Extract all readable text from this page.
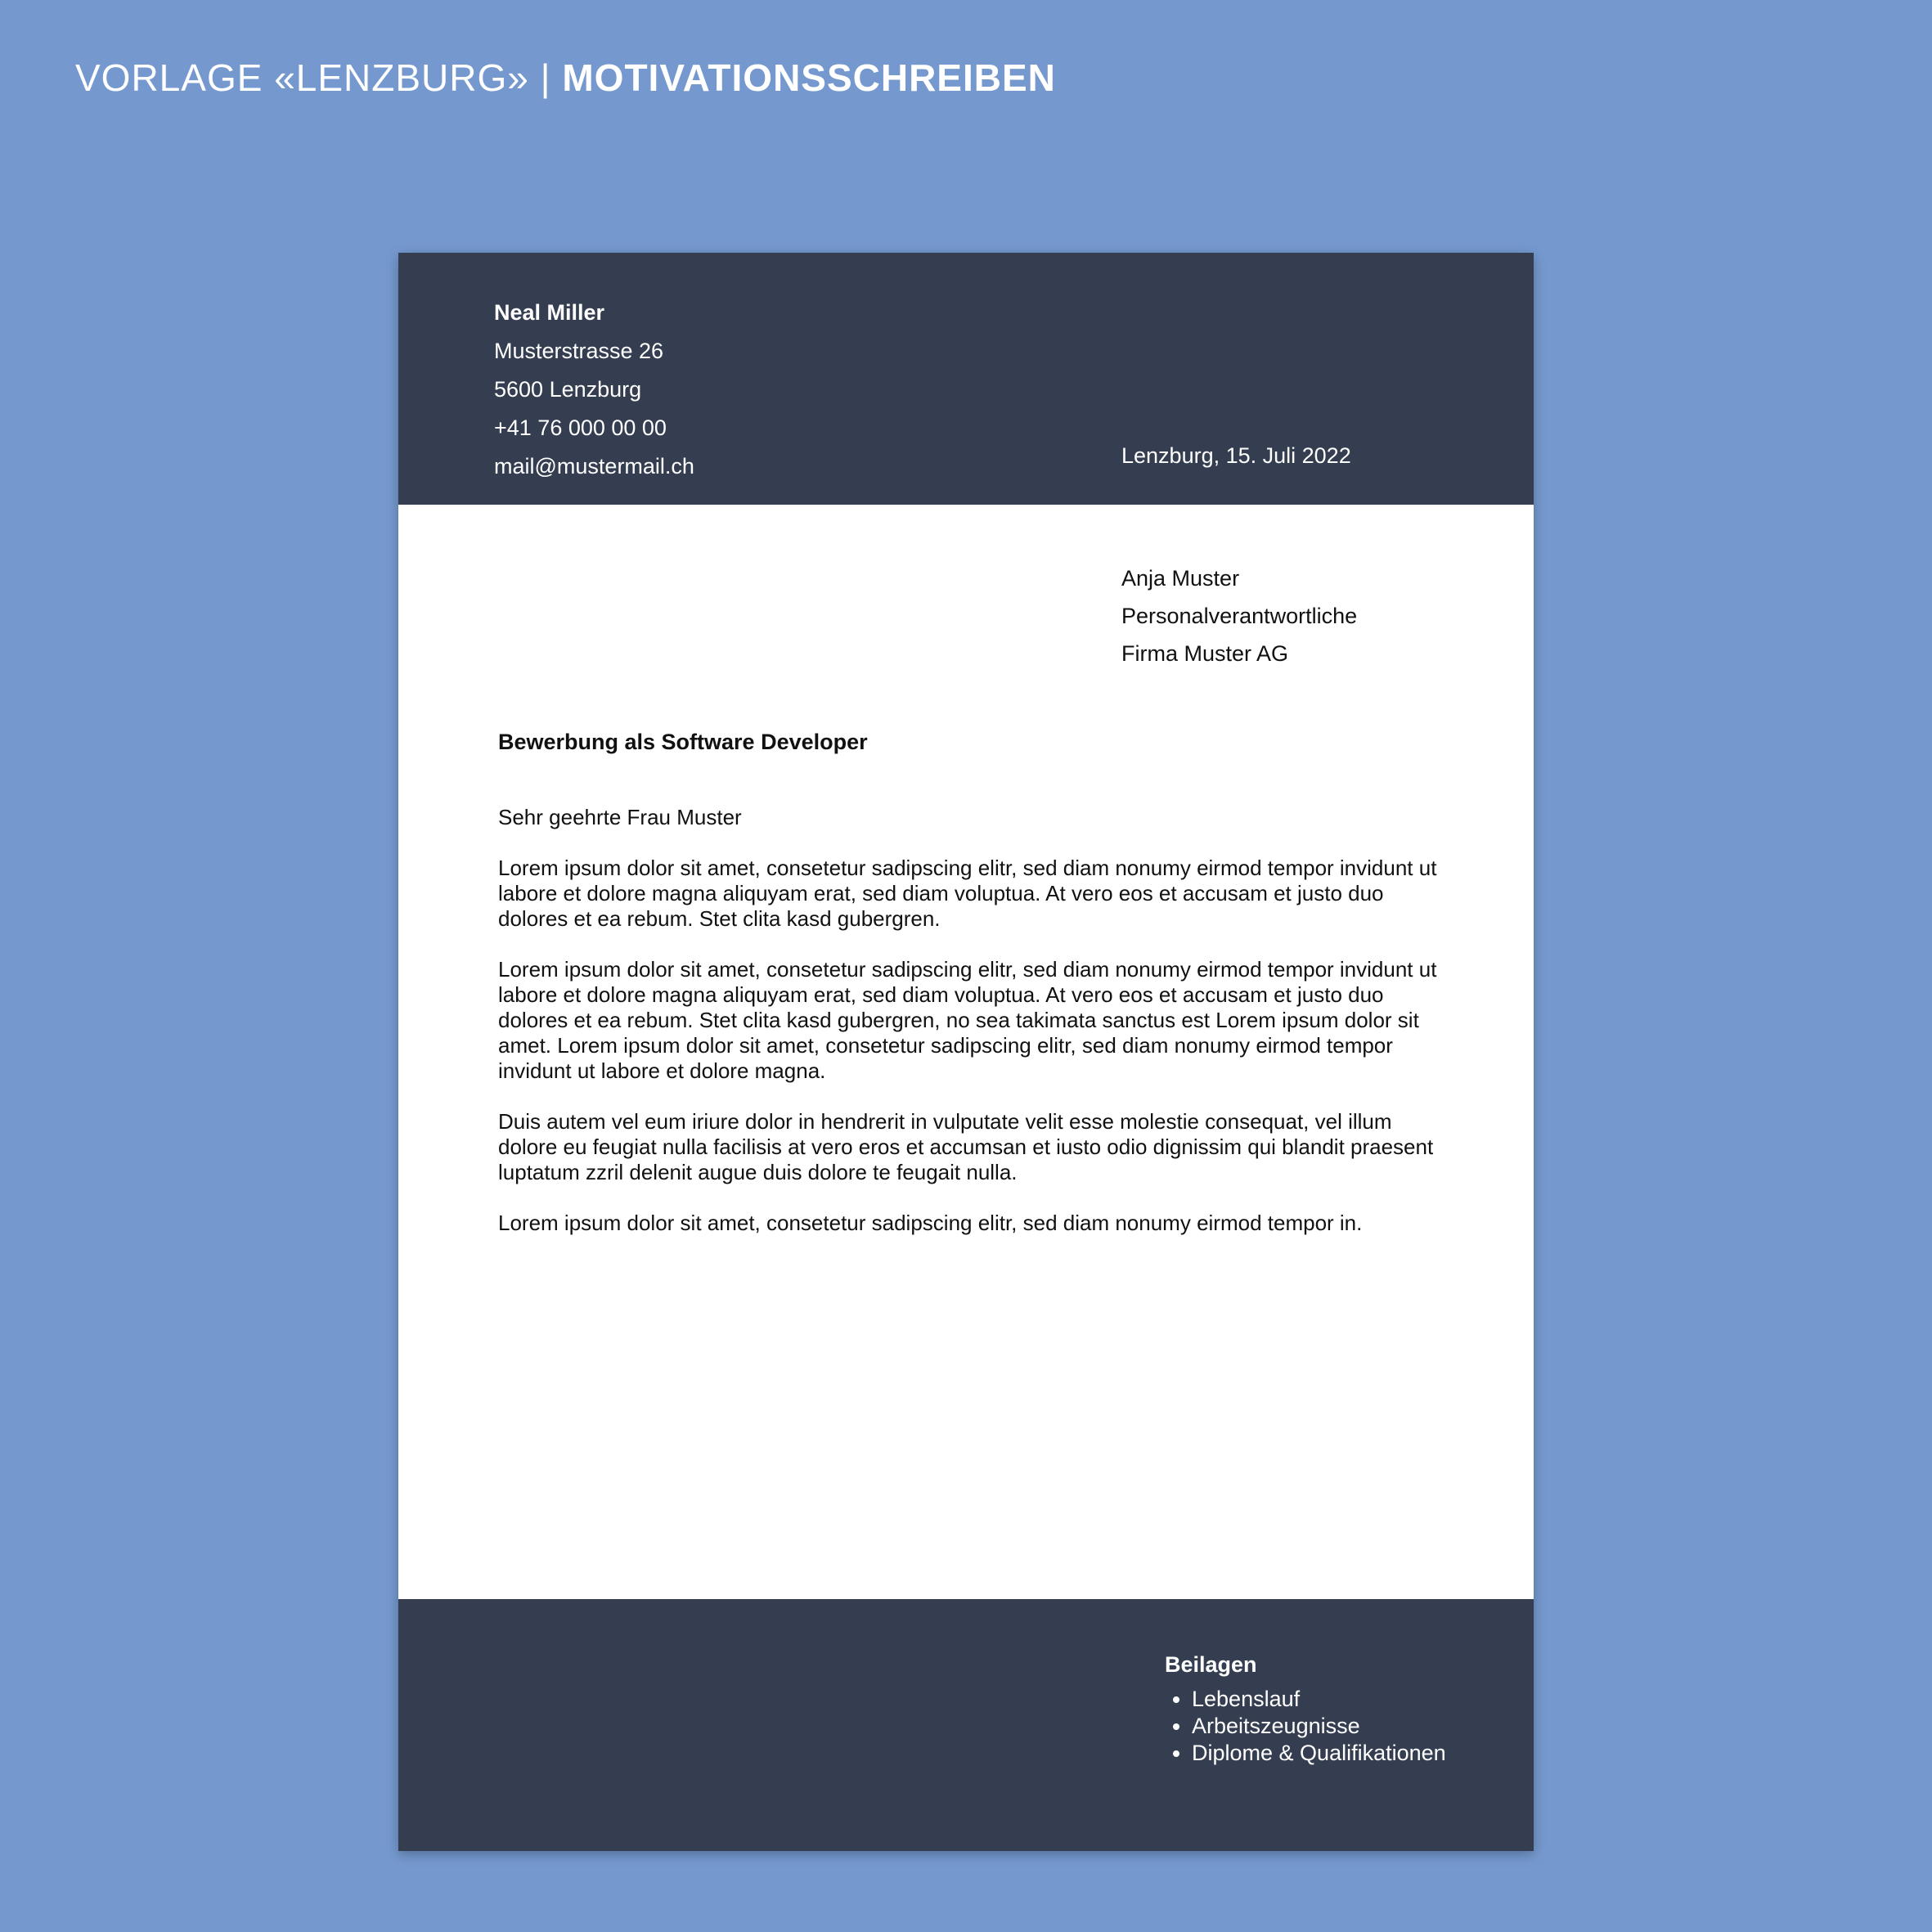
VORLAGE «LENZBURG» | MOTIVATIONSSCHREIBEN
Neal Miller
Musterstrasse 26
5600 Lenzburg
+41 76 000 00 00
mail@mustermail.ch	Lenzburg, 15. Juli 2022
Anja Muster
Personalverantwortliche
Firma Muster AG
Bewerbung als Software Developer

Sehr geehrte Frau Muster

Lorem ipsum dolor sit amet, consetetur sadipscing elitr, sed diam nonumy eirmod tempor invidunt ut labore et dolore magna aliquyam erat, sed diam voluptua. At vero eos et accusam et justo duo dolores et ea rebum. Stet clita kasd gubergren.

Lorem ipsum dolor sit amet, consetetur sadipscing elitr, sed diam nonumy eirmod tempor invidunt ut labore et dolore magna aliquyam erat, sed diam voluptua. At vero eos et accusam et justo duo dolores et ea rebum. Stet clita kasd gubergren, no sea takimata sanctus est Lorem ipsum dolor sit amet. Lorem ipsum dolor sit amet, consetetur sadipscing elitr, sed diam nonumy eirmod tempor invidunt ut labore et dolore magna.

Duis autem vel eum iriure dolor in hendrerit in vulputate velit esse molestie consequat, vel illum dolore eu feugiat nulla facilisis at vero eros et accumsan et iusto odio dignissim qui blandit praesent luptatum zzril delenit augue duis dolore te feugait nulla.

Lorem ipsum dolor sit amet, consetetur sadipscing elitr, sed diam nonumy eirmod tempor in.

Beilagen
• Lebenslauf
• Arbeitszeugnisse
• Diplome & Qualifikationen
